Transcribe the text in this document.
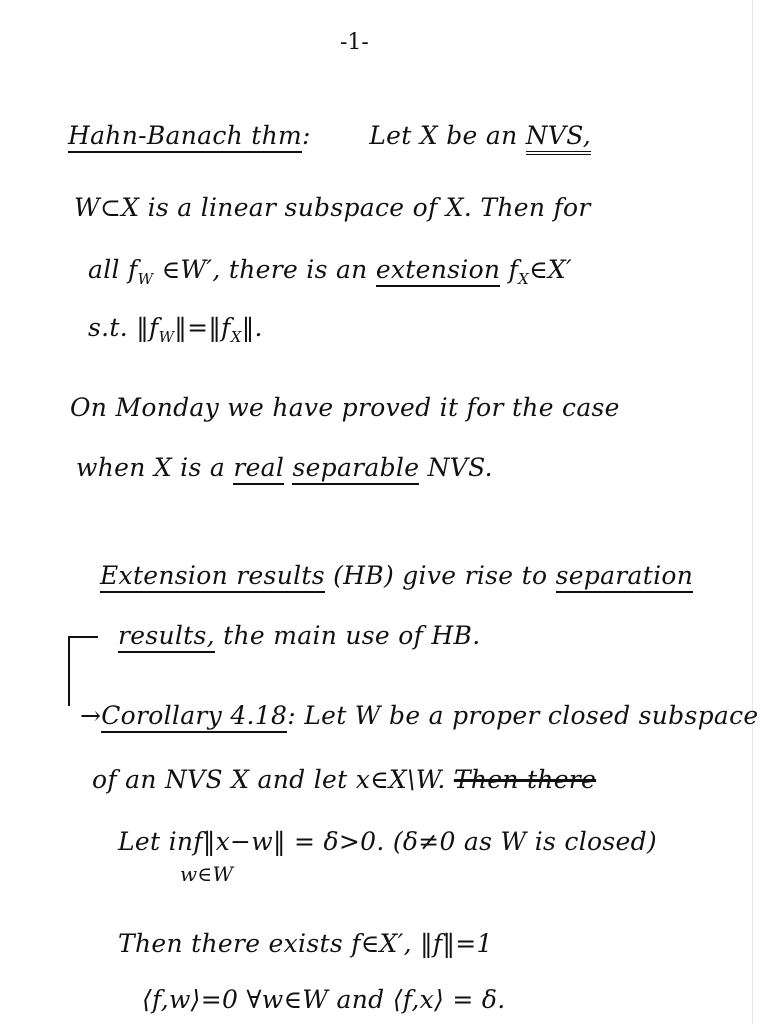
-1-
Hahn-Banach thm: Let X be an NVS,
W⊂X is a linear subspace of X. Then for
all $f_W$ ∈W′, there is an extension $f_X\in X'$
s.t. $‖f_W‖=‖f_X‖$.
On Monday we have proved it for the case
when X is a real separable NVS.
Extension results (HB) give rise to separation
results, the main use of HB.
→Corollary 4.18: Let W be a proper closed subspace
of an NVS X and let x∈X\W. Then there
Let inf‖x−w‖ = δ>0. (δ≠0 as W is closed)
w∈W
Then there exists f∈X′, ‖f‖=1
⟨f,w⟩=0 ∀w∈W and ⟨f,x⟩ = δ.
